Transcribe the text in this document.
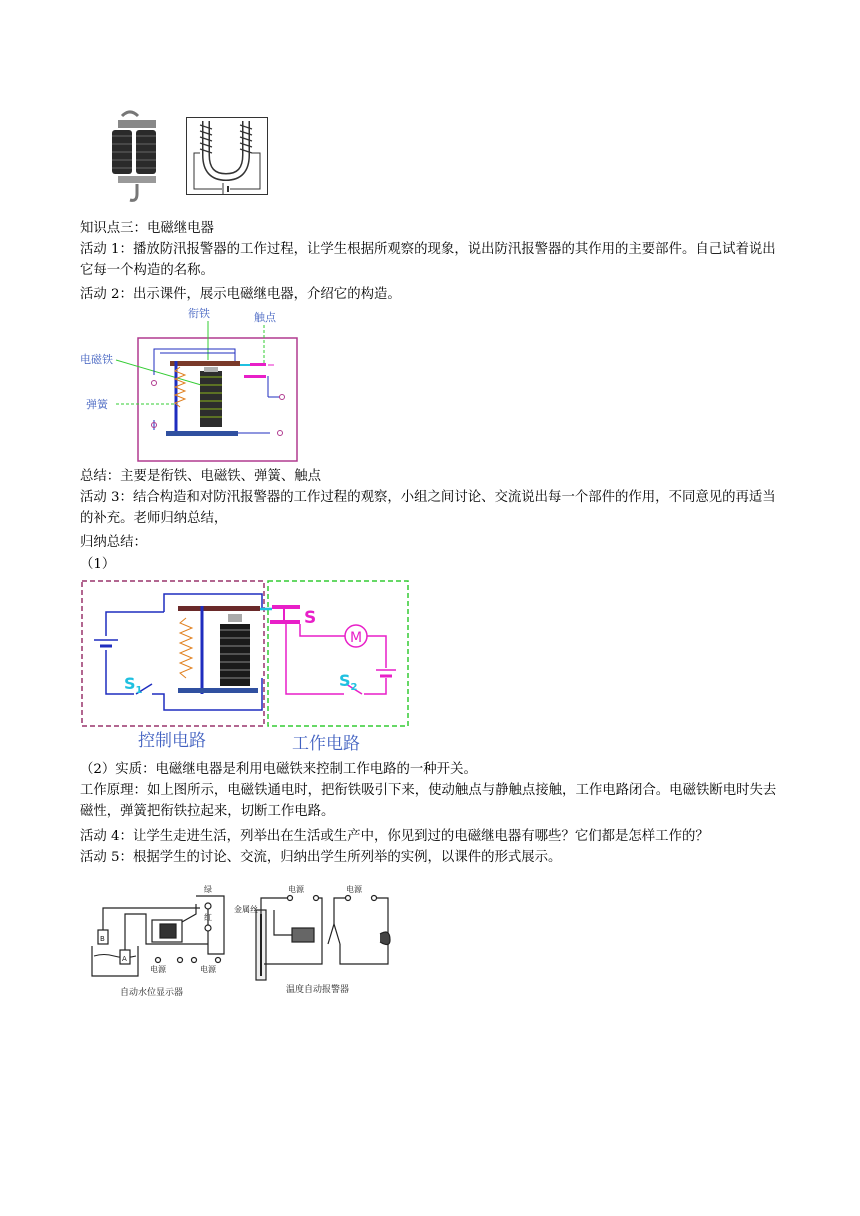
知识点三：电磁继电器

活动 1：播放防汛报警器的工作过程，让学生根据所观察的现象，说出防汛报警器的其作用的主要部件。自己试着说出它每一个构造的名称。

活动 2：出示课件，展示电磁继电器，介绍它的构造。

衔铁	触点
电磁铁
弹簧

总结：主要是衔铁、电磁铁、弹簧、触点

活动 3：结合构造和对防汛报警器的工作过程的观察，小组之间讨论、交流说出每一个部件的作用，不同意见的再适当的补充。老师归纳总结，

归纳总结：

（1）

$S_1$
S
M
$S_2$
控制电路	工作电路

（2）实质：电磁继电器是利用电磁铁来控制工作电路的一种开关。

工作原理：如上图所示，电磁铁通电时，把衔铁吸引下来，使动触点与静触点接触，工作电路闭合。电磁铁断电时失去磁性，弹簧把衔铁拉起来，切断工作电路。

活动 4：让学生走进生活，列举出在生活或生产中，你见到过的电磁继电器有哪些？它们都是怎样工作的？

活动 5：根据学生的讨论、交流，归纳出学生所列举的实例，以课件的形式展示。

B
A
绿
红
电源	电源
自动水位显示器
金属丝
电源	电源
温度自动报警器
